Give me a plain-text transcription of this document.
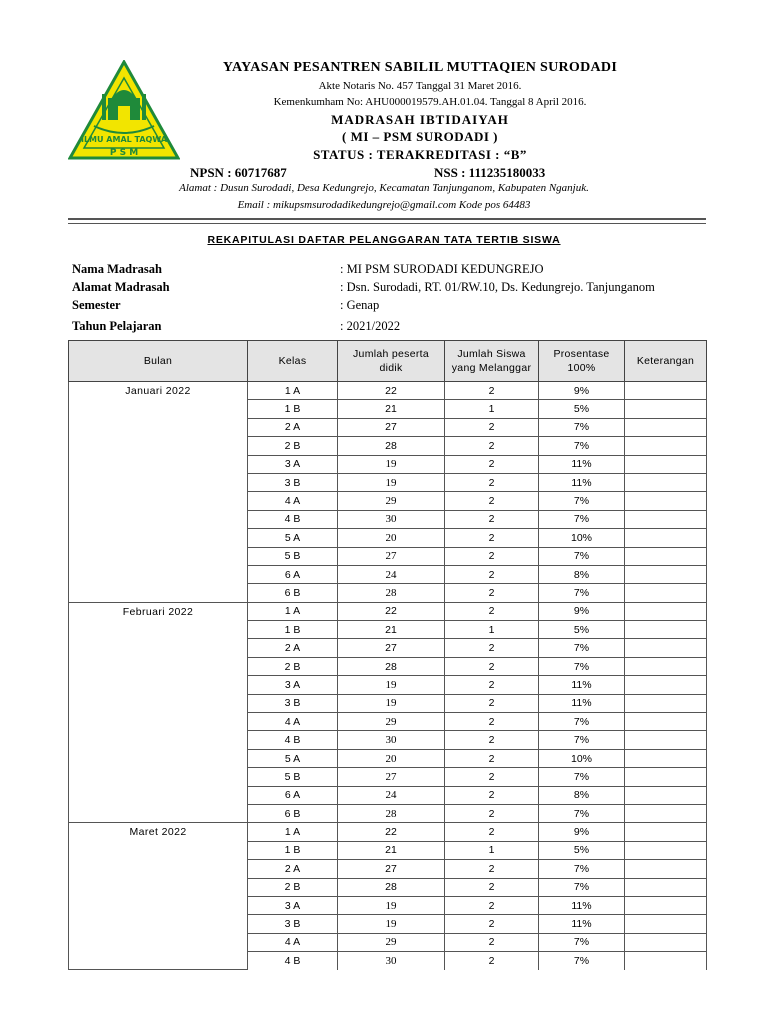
ILMU AMAL TAQWA
P S M

YAYASAN PESANTREN SABILIL MUTTAQIEN SURODADI

Akte Notaris No. 457 Tanggal 31 Maret 2016.

Kemenkumham No: AHU000019579.AH.01.04. Tanggal 8 April 2016.

MADRASAH IBTIDAIYAH

( MI – PSM SURODADI )

STATUS : TERAKREDITASI : “B”

NPSN : 60717687	NSS : 111235180033

Alamat : Dusun Surodadi, Desa Kedungrejo, Kecamatan Tanjunganom, Kabupaten Nganjuk.

Email : mikupsmsurodadikedungrejo@gmail.com Kode pos 64483

REKAPITULASI DAFTAR PELANGGARAN TATA TERTIB SISWA
Nama Madrasah	: MI PSM SURODADI KEDUNGREJO
Alamat Madrasah	: Dsn. Surodadi, RT. 01/RW.10, Ds. Kedungrejo. Tanjunganom
Semester	: Genap
Tahun Pelajaran	: 2021/2022
Bulan	Kelas	Jumlah peserta didik	Jumlah Siswa yang Melanggar	Prosentase 100%	Keterangan
Januari 2022	1 A	22	2	9%	
	1 B	21	1	5%	
	2 A	27	2	7%	
	2 B	28	2	7%	
	3 A	19	2	11%	
	3 B	19	2	11%	
	4 A	29	2	7%	
	4 B	30	2	7%	
	5 A	20	2	10%	
	5 B	27	2	7%	
	6 A	24	2	8%	
	6 B	28	2	7%	
Februari 2022	1 A	22	2	9%	
	1 B	21	1	5%	
	2 A	27	2	7%	
	2 B	28	2	7%	
	3 A	19	2	11%	
	3 B	19	2	11%	
	4 A	29	2	7%	
	4 B	30	2	7%	
	5 A	20	2	10%	
	5 B	27	2	7%	
	6 A	24	2	8%	
	6 B	28	2	7%	
Maret 2022	1 A	22	2	9%	
	1 B	21	1	5%	
	2 A	27	2	7%	
	2 B	28	2	7%	
	3 A	19	2	11%	
	3 B	19	2	11%	
	4 A	29	2	7%	
	4 B	30	2	7%	
